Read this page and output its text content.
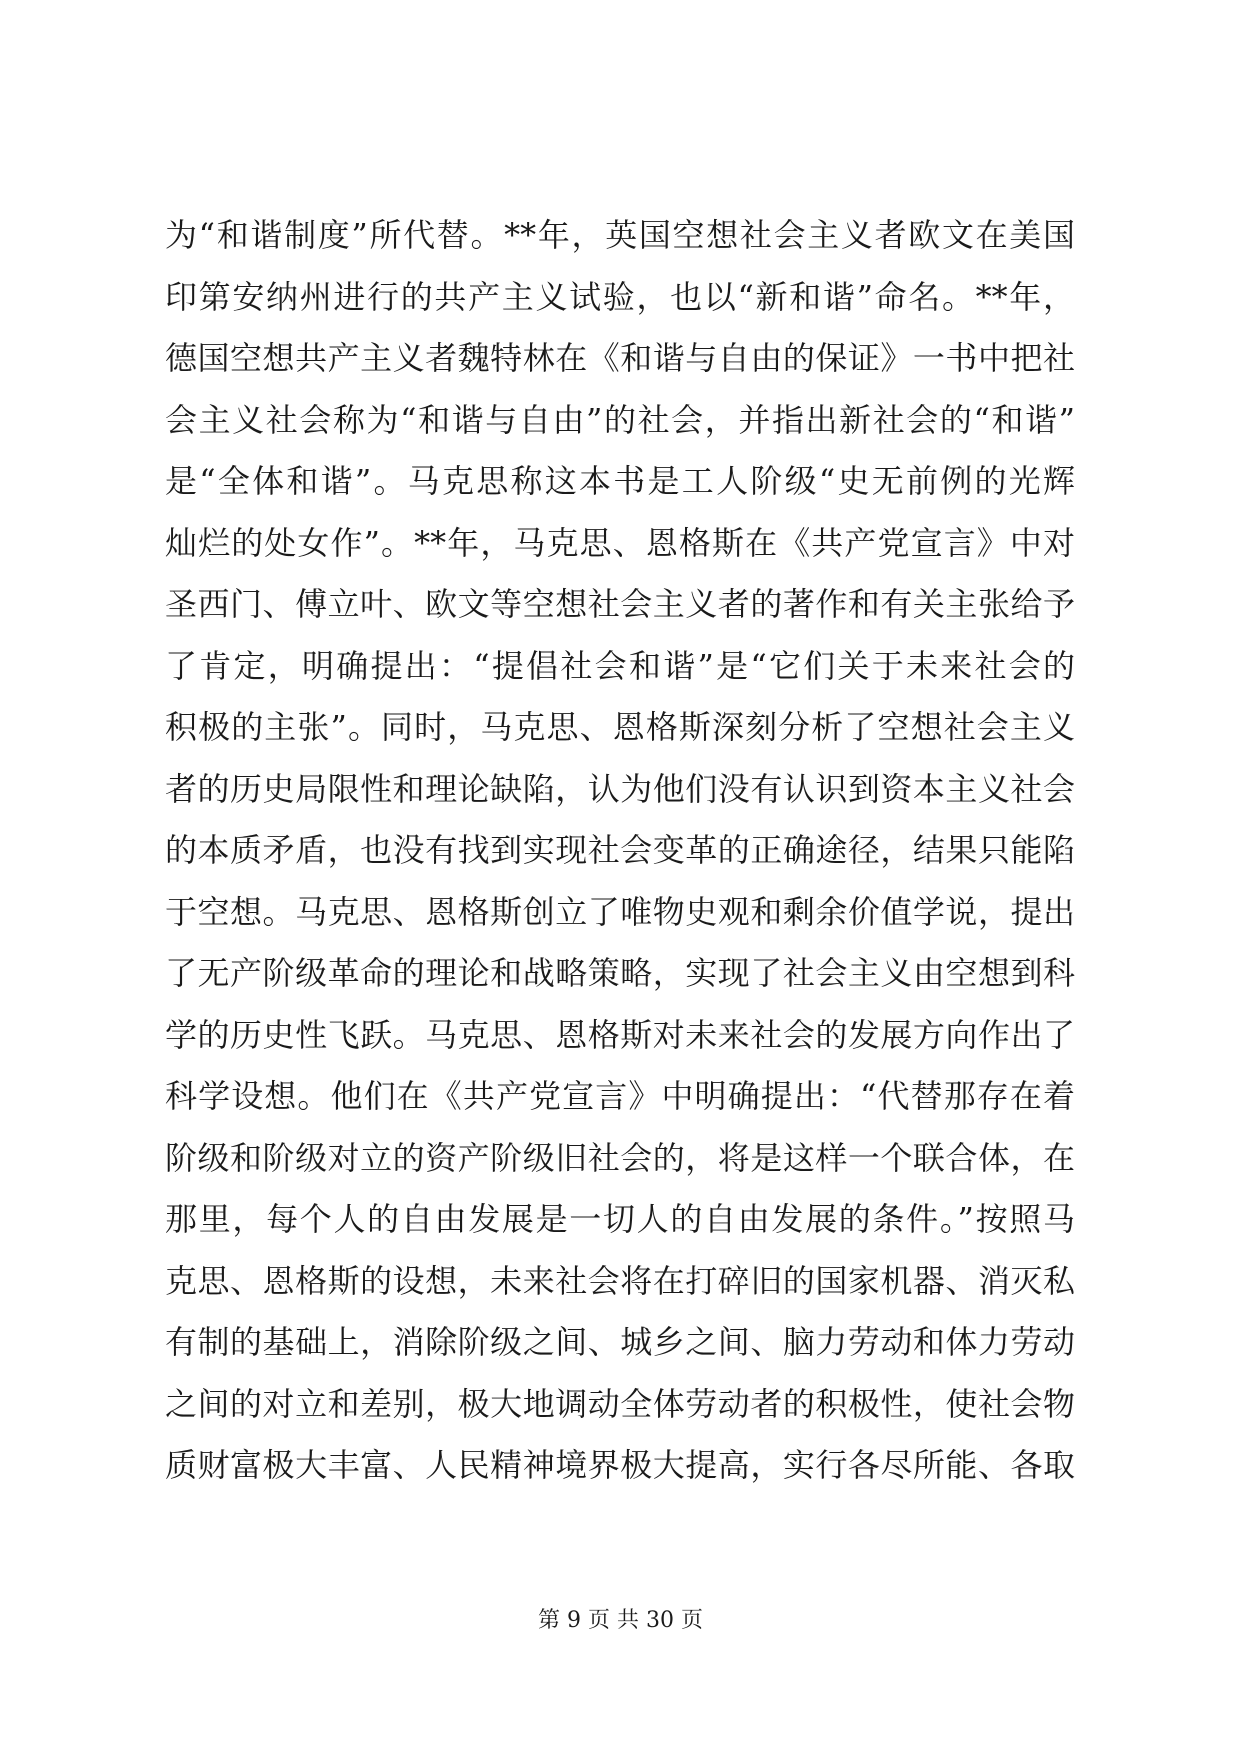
为“和谐制度”所代替。**年，英国空想社会主义者欧文在美国
印第安纳州进行的共产主义试验，也以“新和谐”命名。**年，
德国空想共产主义者魏特林在《和谐与自由的保证》一书中把社
会主义社会称为“和谐与自由”的社会，并指出新社会的“和谐”
是“全体和谐”。马克思称这本书是工人阶级“史无前例的光辉
灿烂的处女作”。**年，马克思、恩格斯在《共产党宣言》中对
圣西门、傅立叶、欧文等空想社会主义者的著作和有关主张给予
了肯定，明确提出：“提倡社会和谐”是“它们关于未来社会的
积极的主张”。同时，马克思、恩格斯深刻分析了空想社会主义
者的历史局限性和理论缺陷，认为他们没有认识到资本主义社会
的本质矛盾，也没有找到实现社会变革的正确途径，结果只能陷
于空想。马克思、恩格斯创立了唯物史观和剩余价值学说，提出
了无产阶级革命的理论和战略策略，实现了社会主义由空想到科
学的历史性飞跃。马克思、恩格斯对未来社会的发展方向作出了
科学设想。他们在《共产党宣言》中明确提出：“代替那存在着
阶级和阶级对立的资产阶级旧社会的，将是这样一个联合体，在
那里，每个人的自由发展是一切人的自由发展的条件。”按照马
克思、恩格斯的设想，未来社会将在打碎旧的国家机器、消灭私
有制的基础上，消除阶级之间、城乡之间、脑力劳动和体力劳动
之间的对立和差别，极大地调动全体劳动者的积极性，使社会物
质财富极大丰富、人民精神境界极大提高，实行各尽所能、各取
第 9 页 共 30 页
